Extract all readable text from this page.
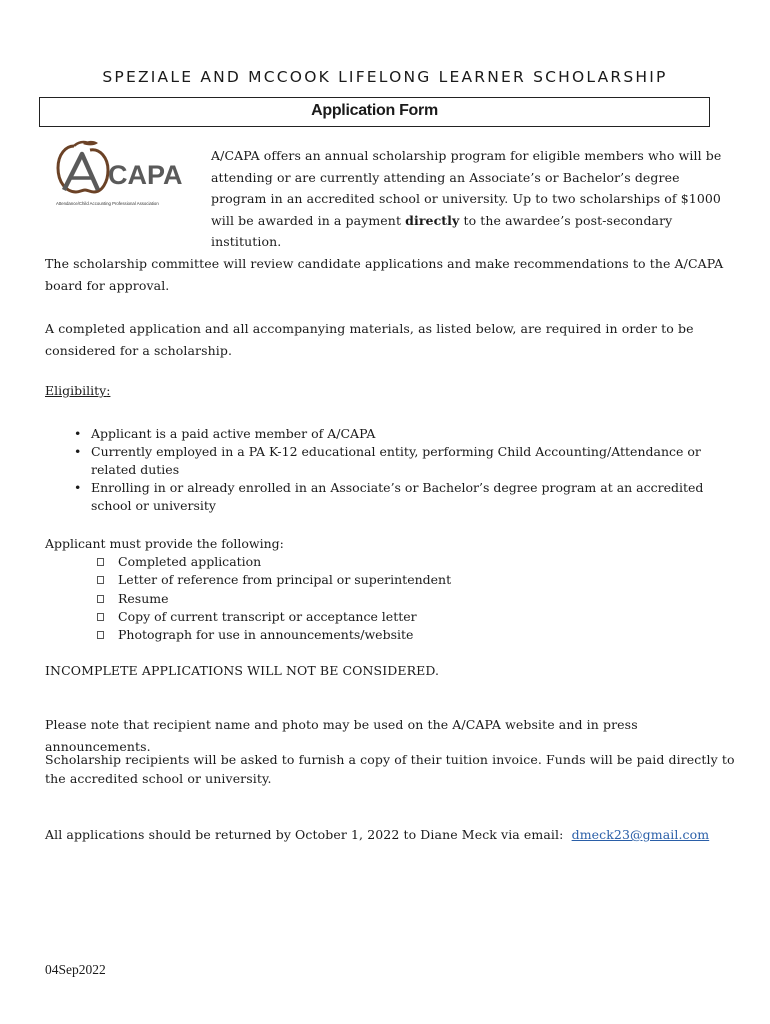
SPEZIALE AND MCCOOK LIFELONG LEARNER SCHOLARSHIP
Application Form
CAPA
Attendance/Child Accounting Professional Association
A/CAPA offers an annual scholarship program for eligible members who will be attending or are currently attending an Associate’s or Bachelor’s degree program in an accredited school or university. Up to two scholarships of $1000 will be awarded in a payment directly to the awardee’s post-secondary institution.
The scholarship committee will review candidate applications and make recommendations to the A/CAPA board for approval.
A completed application and all accompanying materials, as listed below, are required in order to be considered for a scholarship.
Eligibility:
• Applicant is a paid active member of A/CAPA
• Currently employed in a PA K-12 educational entity, performing Child Accounting/Attendance or related duties
• Enrolling in or already enrolled in an Associate’s or Bachelor’s degree program at an accredited school or university
Applicant must provide the following:
Completed application
Letter of reference from principal or superintendent
Resume
Copy of current transcript or acceptance letter
Photograph for use in announcements/website
INCOMPLETE APPLICATIONS WILL NOT BE CONSIDERED.
Please note that recipient name and photo may be used on the A/CAPA website and in press announcements.
Scholarship recipients will be asked to furnish a copy of their tuition invoice. Funds will be paid directly to the accredited school or university.
All applications should be returned by October 1, 2022 to Diane Meck via email: dmeck23@gmail.com
04Sep2022
